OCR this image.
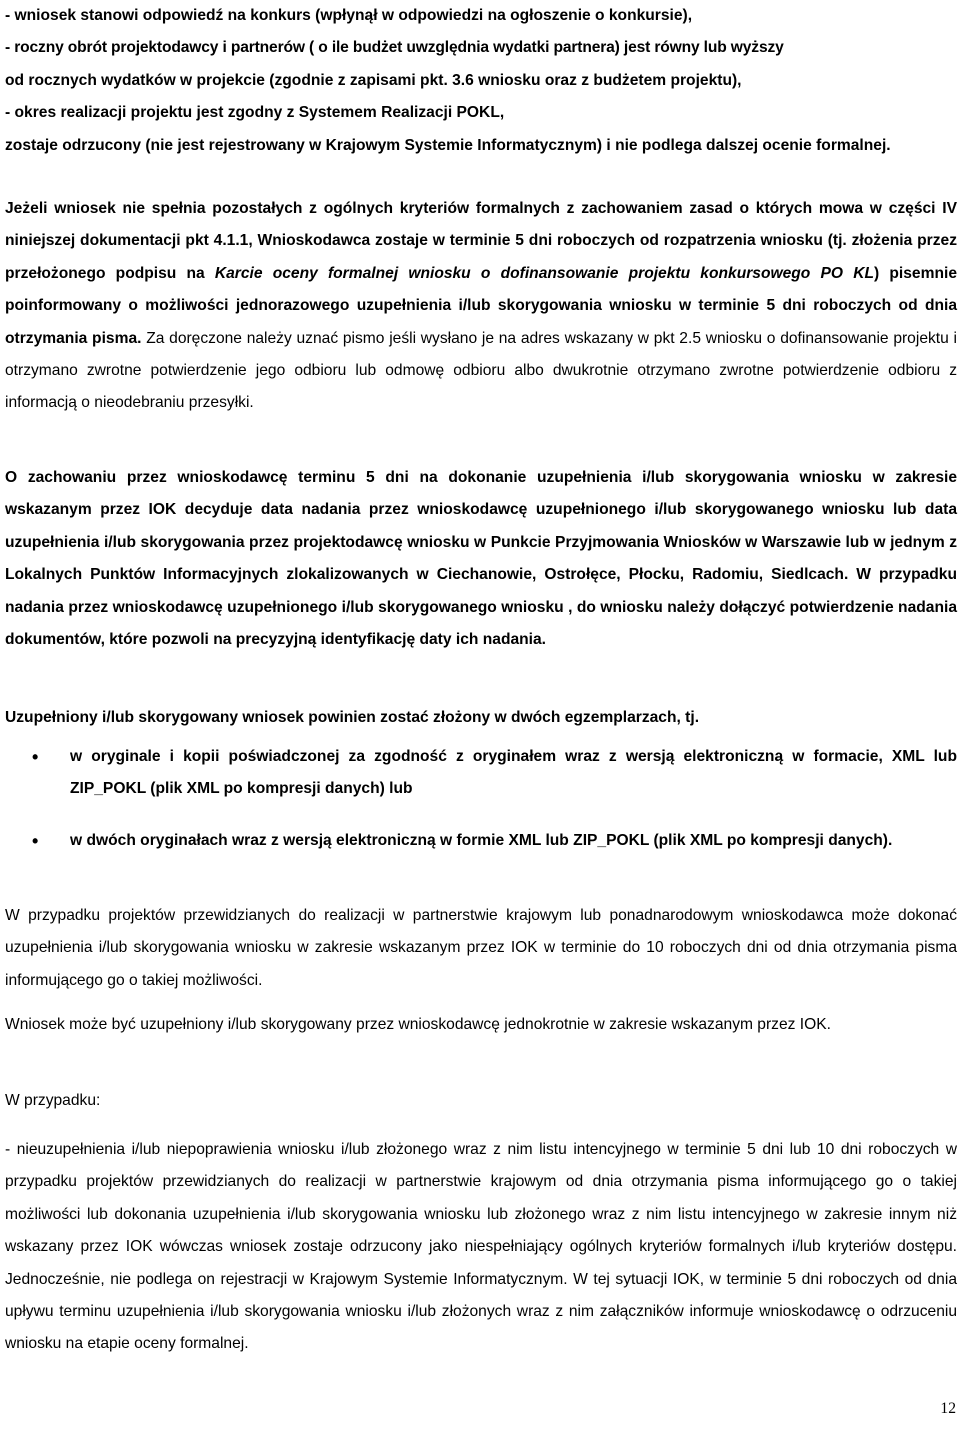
- wniosek stanowi odpowiedź na konkurs (wpłynął w odpowiedzi na ogłoszenie o konkursie),
- roczny obrót projektodawcy i partnerów ( o ile budżet uwzględnia wydatki partnera) jest równy lub wyższy
od rocznych wydatków w projekcie (zgodnie z zapisami pkt. 3.6 wniosku oraz z budżetem projektu),
- okres realizacji projektu jest zgodny z Systemem Realizacji POKL,

zostaje odrzucony (nie jest rejestrowany w Krajowym Systemie Informatycznym) i nie podlega dalszej ocenie formalnej.

Jeżeli wniosek nie spełnia pozostałych z ogólnych kryteriów formalnych z zachowaniem zasad o których mowa w części IV niniejszej dokumentacji pkt 4.1.1, Wnioskodawca zostaje w terminie 5 dni roboczych od rozpatrzenia wniosku (tj. złożenia przez przełożonego podpisu na Karcie oceny formalnej wniosku o dofinansowanie projektu konkursowego PO KL) pisemnie poinformowany o możliwości jednorazowego uzupełnienia i/lub skorygowania wniosku w terminie 5 dni roboczych od dnia otrzymania pisma. Za doręczone należy uznać pismo jeśli wysłano je na adres wskazany w pkt 2.5 wniosku o dofinansowanie projektu i otrzymano zwrotne potwierdzenie jego odbioru lub odmowę odbioru albo dwukrotnie otrzymano zwrotne potwierdzenie odbioru z informacją o nieodebraniu przesyłki.

O zachowaniu przez wnioskodawcę terminu 5 dni na dokonanie uzupełnienia i/lub skorygowania wniosku w zakresie wskazanym przez IOK decyduje data nadania przez wnioskodawcę uzupełnionego i/lub skorygowanego wniosku lub data uzupełnienia i/lub skorygowania przez projektodawcę wniosku w Punkcie Przyjmowania Wniosków w Warszawie lub w jednym z Lokalnych Punktów Informacyjnych zlokalizowanych w Ciechanowie, Ostrołęce, Płocku, Radomiu, Siedlcach. W przypadku nadania przez wnioskodawcę uzupełnionego i/lub skorygowanego wniosku , do wniosku należy dołączyć potwierdzenie nadania dokumentów, które pozwoli na precyzyjną identyfikację daty ich nadania.

Uzupełniony i/lub skorygowany wniosek powinien zostać złożony w dwóch egzemplarzach, tj.

• w oryginale i kopii poświadczonej za zgodność z oryginałem wraz z wersją elektroniczną w formacie, XML lub ZIP_POKL (plik XML po kompresji danych) lub
• w dwóch oryginałach wraz z wersją elektroniczną w formie XML lub ZIP_POKL (plik XML po kompresji danych).

W przypadku projektów przewidzianych do realizacji w partnerstwie krajowym lub ponadnarodowym wnioskodawca może dokonać uzupełnienia i/lub skorygowania wniosku w zakresie wskazanym przez IOK w terminie do 10 roboczych dni od dnia otrzymania pisma informującego go o takiej możliwości.

Wniosek może być uzupełniony i/lub skorygowany przez wnioskodawcę jednokrotnie w zakresie wskazanym przez IOK.

W przypadku:

- nieuzupełnienia i/lub niepoprawienia wniosku i/lub złożonego wraz z nim listu intencyjnego w terminie 5 dni lub 10 dni roboczych w przypadku projektów przewidzianych do realizacji w partnerstwie krajowym od dnia otrzymania pisma informującego go o takiej możliwości lub dokonania uzupełnienia i/lub skorygowania wniosku lub złożonego wraz z nim listu intencyjnego w zakresie innym niż wskazany przez IOK wówczas wniosek zostaje odrzucony jako niespełniający ogólnych kryteriów formalnych i/lub kryteriów dostępu. Jednocześnie, nie podlega on rejestracji w Krajowym Systemie Informatycznym. W tej sytuacji IOK, w terminie 5 dni roboczych od dnia upływu terminu uzupełnienia i/lub skorygowania wniosku i/lub złożonych wraz z nim załączników informuje wnioskodawcę o odrzuceniu wniosku na etapie oceny formalnej.

12
